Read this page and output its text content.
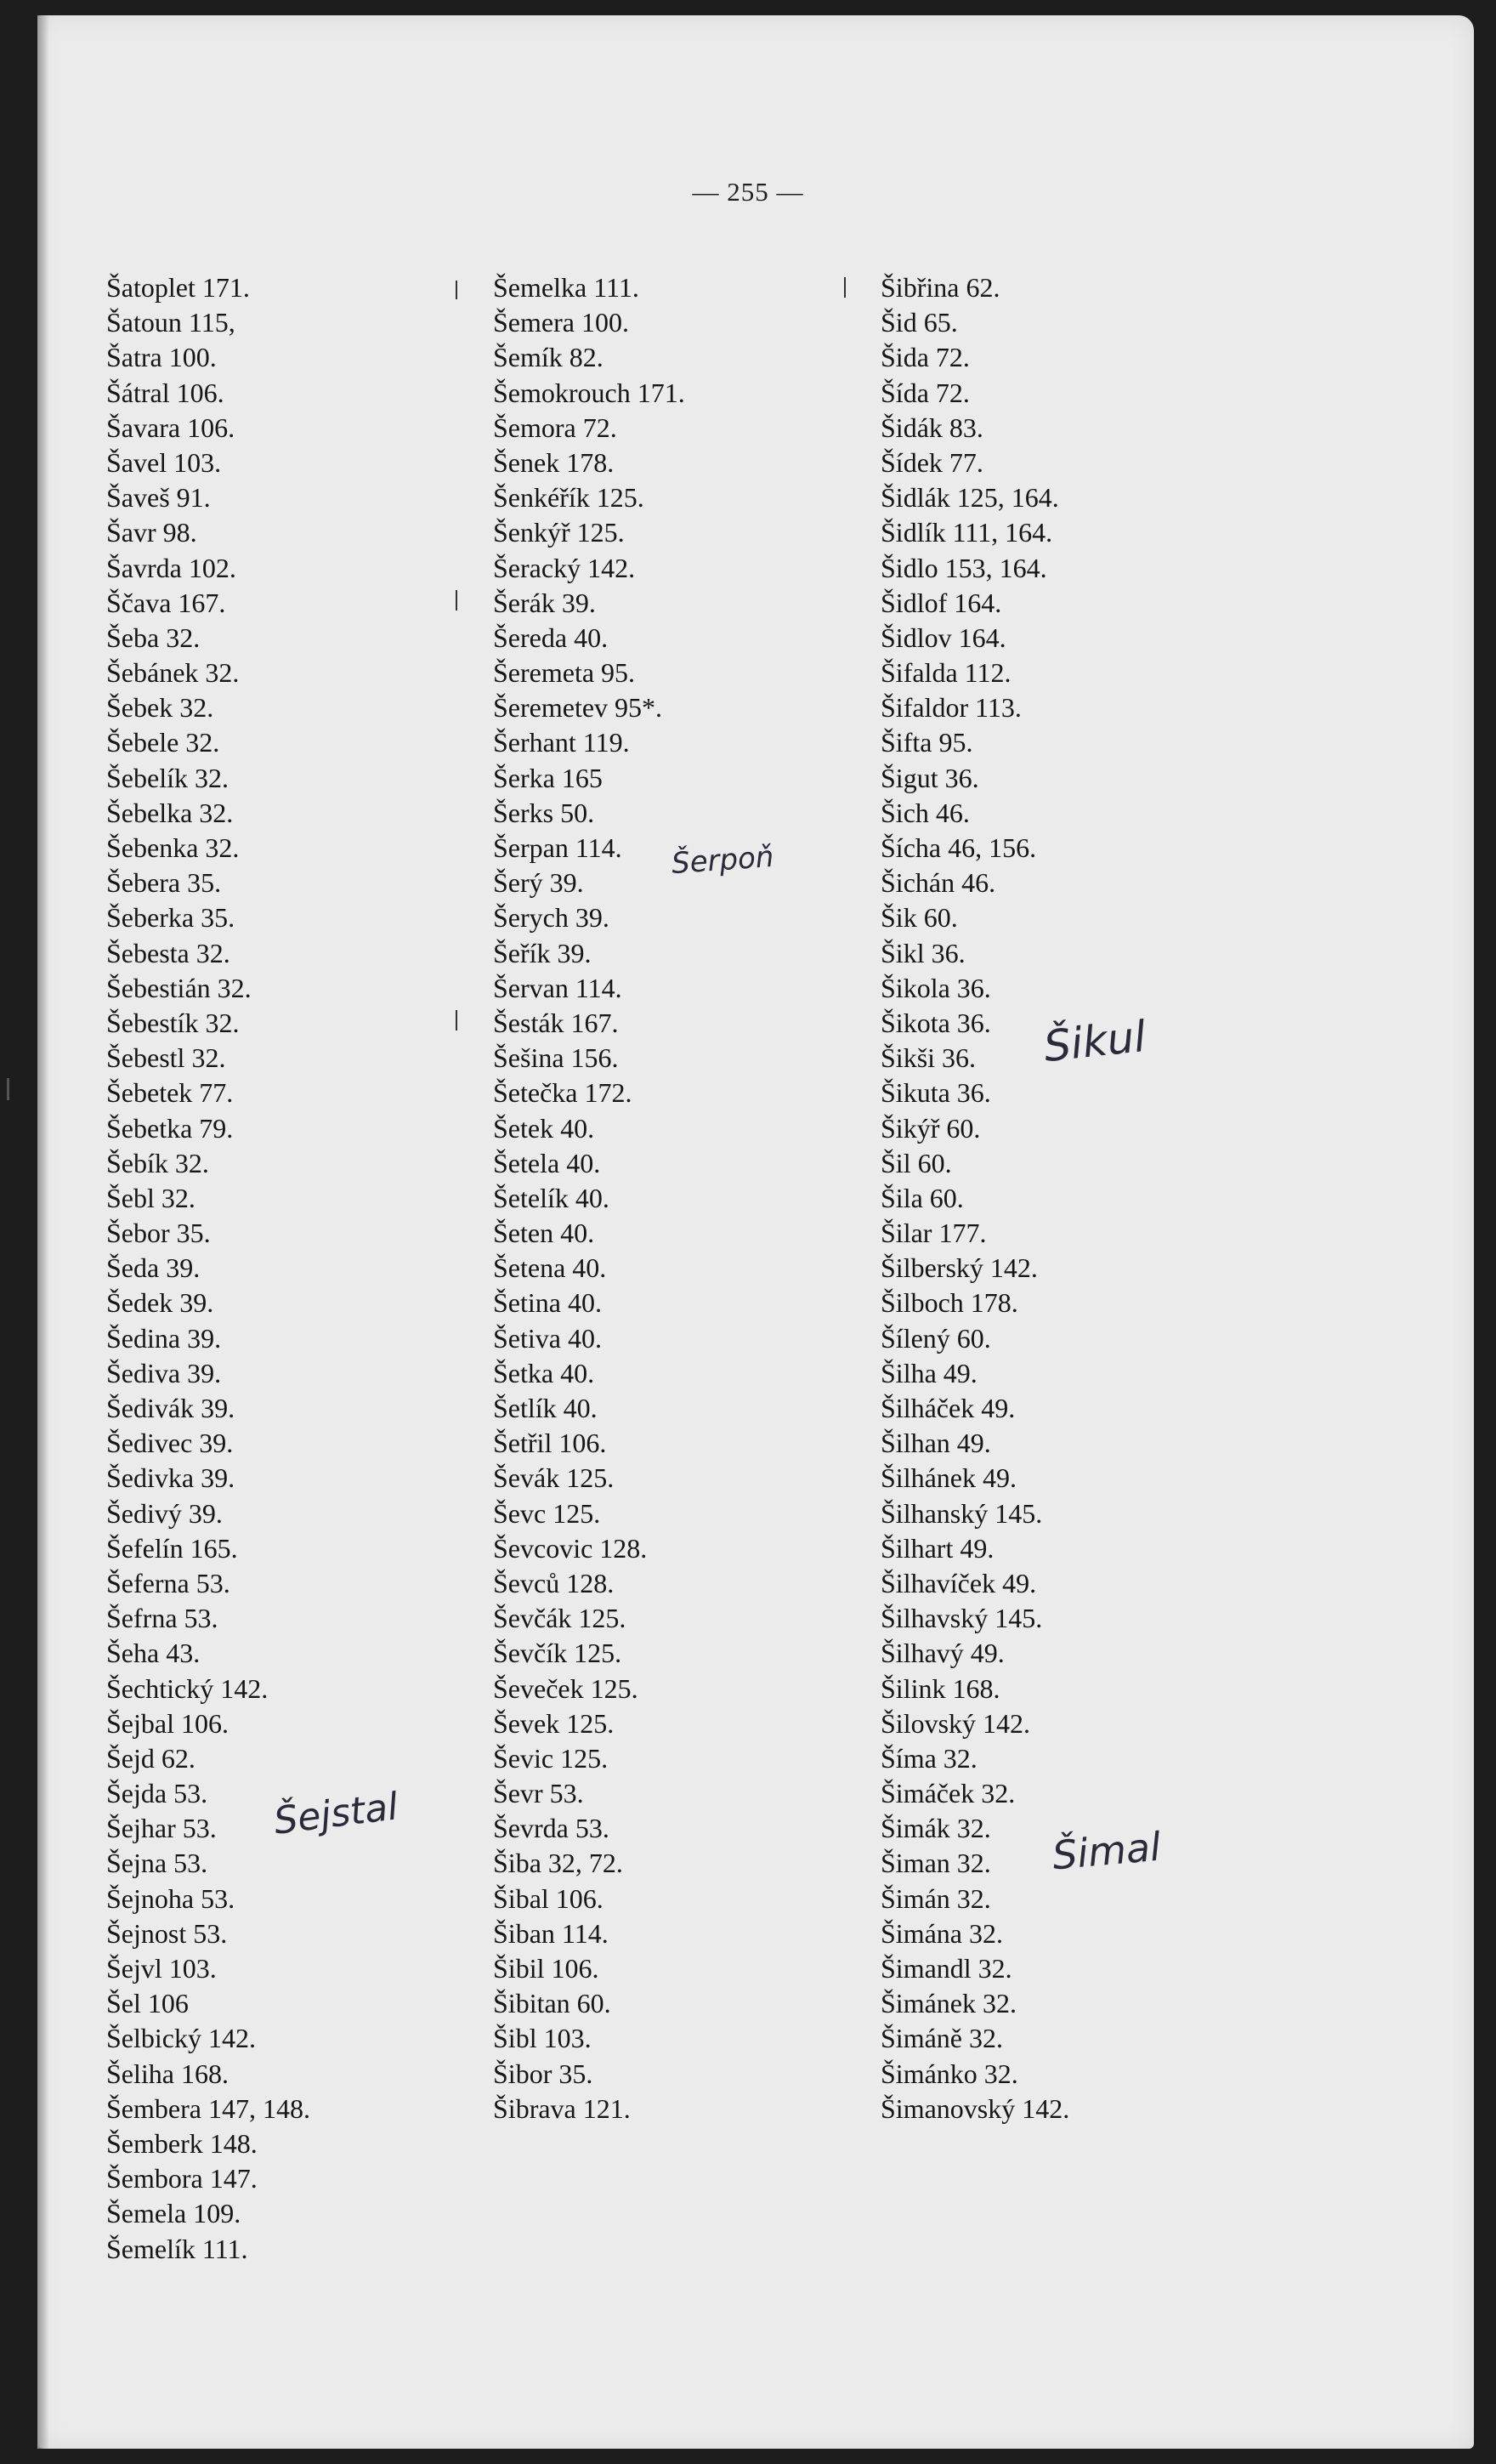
— 255 —
Šatoplet 171.
Šatoun 115,
Šatra 100.
Šátral 106.
Šavara 106.
Šavel 103.
Šaveš 91.
Šavr 98.
Šavrda 102.
Ščava 167.
Šeba 32.
Šebánek 32.
Šebek 32.
Šebele 32.
Šebelík 32.
Šebelka 32.
Šebenka 32.
Šebera 35.
Šeberka 35.
Šebesta 32.
Šebestián 32.
Šebestík 32.
Šebestl 32.
Šebetek 77.
Šebetka 79.
Šebík 32.
Šebl 32.
Šebor 35.
Šeda 39.
Šedek 39.
Šedina 39.
Šediva 39.
Šedivák 39.
Šedivec 39.
Šedivka 39.
Šedivý 39.
Šefelín 165.
Šeferna 53.
Šefrna 53.
Šeha 43.
Šechtický 142.
Šejbal 106.
Šejd 62.
Šejda 53.
Šejhar 53.
Šejna 53.
Šejnoha 53.
Šejnost 53.
Šejvl 103.
Šel 106
Šelbický 142.
Šeliha 168.
Šembera 147, 148.
Šemberk 148.
Šembora 147.
Šemela 109.
Šemelík 111.
Šemelka 111.
Šemera 100.
Šemík 82.
Šemokrouch 171.
Šemora 72.
Šenek 178.
Šenkéřík 125.
Šenkýř 125.
Šeracký 142.
Šerák 39.
Šereda 40.
Šeremeta 95.
Šeremetev 95*.
Šerhant 119.
Šerka 165
Šerks 50.
Šerpan 114.
Šerý 39.
Šerych 39.
Šeřík 39.
Šervan 114.
Šesták 167.
Šešina 156.
Šetečka 172.
Šetek 40.
Šetela 40.
Šetelík 40.
Šeten 40.
Šetena 40.
Šetina 40.
Šetiva 40.
Šetka 40.
Šetlík 40.
Šetřil 106.
Ševák 125.
Ševc 125.
Ševcovic 128.
Ševců 128.
Ševčák 125.
Ševčík 125.
Ševeček 125.
Ševek 125.
Ševic 125.
Ševr 53.
Ševrda 53.
Šiba 32, 72.
Šibal 106.
Šiban 114.
Šibil 106.
Šibitan 60.
Šibl 103.
Šibor 35.
Šibrava 121.
Šibřina 62.
Šid 65.
Šida 72.
Šída 72.
Šidák 83.
Šídek 77.
Šidlák 125, 164.
Šidlík 111, 164.
Šidlo 153, 164.
Šidlof 164.
Šidlov 164.
Šifalda 112.
Šifaldor 113.
Šifta 95.
Šigut 36.
Šich 46.
Šícha 46, 156.
Šichán 46.
Šik 60.
Šikl 36.
Šikola 36.
Šikota 36.
Šikši 36.
Šikuta 36.
Šikýř 60.
Šil 60.
Šila 60.
Šilar 177.
Šilberský 142.
Šilboch 178.
Šílený 60.
Šilha 49.
Šilháček 49.
Šilhan 49.
Šilhánek 49.
Šilhanský 145.
Šilhart 49.
Šilhavíček 49.
Šilhavský 145.
Šilhavý 49.
Šilink 168.
Šilovský 142.
Šíma 32.
Šimáček 32.
Šimák 32.
Šiman 32.
Šimán 32.
Šimána 32.
Šimandl 32.
Šimánek 32.
Šimáně 32.
Šimánko 32.
Šimanovský 142.
Šerpoň
Šejstal
Šikul
Šimal
